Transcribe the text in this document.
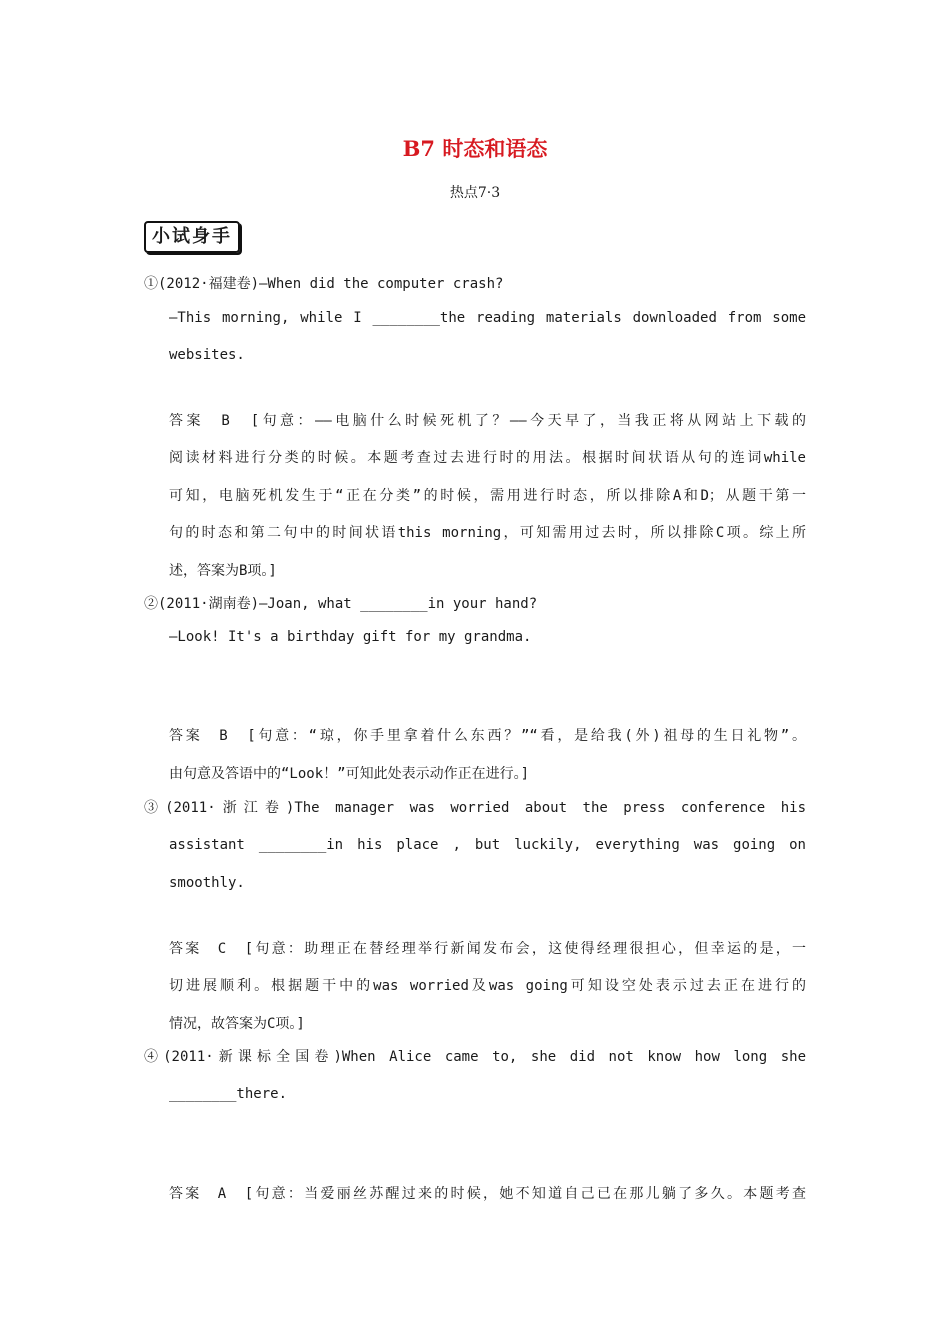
B7 时态和语态
热点7·3
小试身手
①(2012·福建卷)—When did the computer crash?
—This morning, while I ________the reading materials downloaded from some
websites.
答案　B　[句意：——电脑什么时候死机了？——今天早了，当我正将从网站上下载的
阅读材料进行分类的时候。本题考查过去进行时的用法。根据时间状语从句的连词while
可知，电脑死机发生于“正在分类”的时候，需用进行时态，所以排除A和D；从题干第一
句的时态和第二句中的时间状语this morning，可知需用过去时，所以排除C项。综上所
述，答案为B项。]
②(2011·湖南卷)—Joan, what ________in your hand?
—Look! It's a birthday gift for my grandma.
答案　B　[句意：“琼，你手里拿着什么东西？”“看，是给我(外)祖母的生日礼物”。
由句意及答语中的“Look！”可知此处表示动作正在进行。]
③(2011·浙江卷)The manager was worried about the press conference his
assistant ________in his place , but luckily, everything was going on
smoothly.
答案　C　[句意：助理正在替经理举行新闻发布会，这使得经理很担心，但幸运的是，一
切进展顺利。根据题干中的was worried及was going可知设空处表示过去正在进行的
情况，故答案为C项。]
④(2011·新课标全国卷)When Alice came to, she did not know how long she
________there.
答案　A　[句意：当爱丽丝苏醒过来的时候，她不知道自己已在那儿躺了多久。本题考查
